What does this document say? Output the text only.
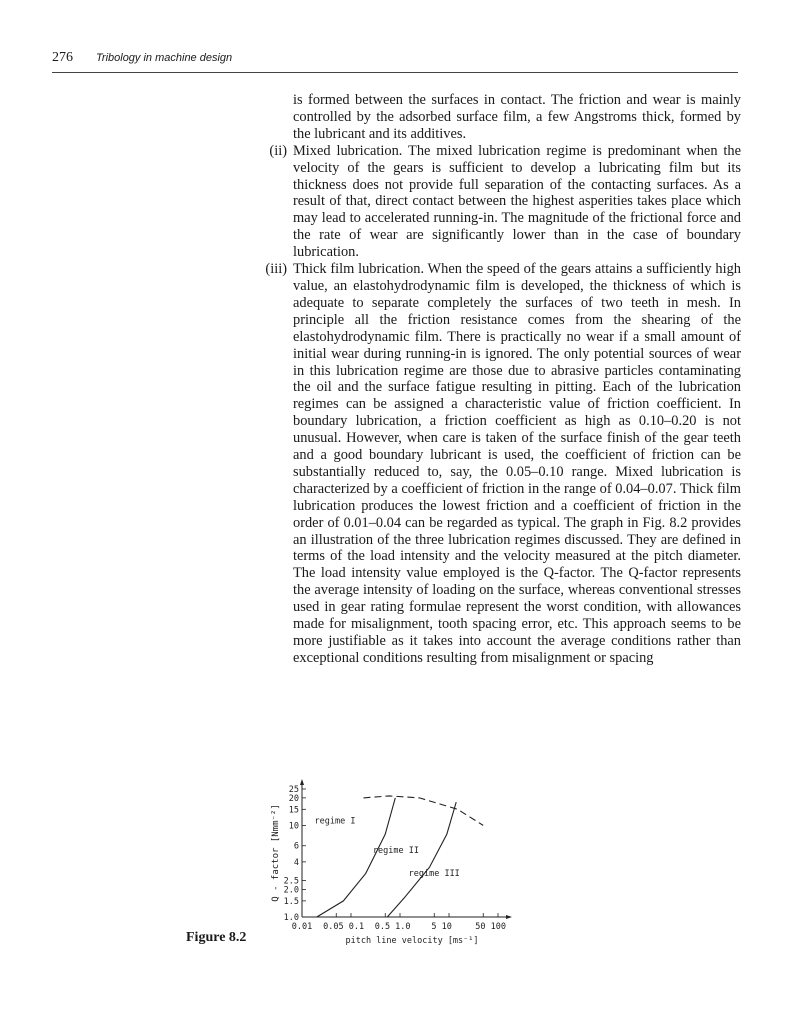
276 Tribology in machine design

is formed between the surfaces in contact. The friction and wear is mainly controlled by the adsorbed surface film, a few Angstroms thick, formed by the lubricant and its additives.

(ii) Mixed lubrication. The mixed lubrication regime is predominant when the velocity of the gears is sufficient to develop a lubricating film but its thickness does not provide full separation of the contacting surfaces. As a result of that, direct contact between the highest asperities takes place which may lead to accelerated running-in. The magnitude of the frictional force and the rate of wear are significantly lower than in the case of boundary lubrication.
(iii) Thick film lubrication. When the speed of the gears attains a sufficiently high value, an elastohydrodynamic film is developed, the thickness of which is adequate to separate completely the surfaces of two teeth in mesh. In principle all the friction resistance comes from the shearing of the elastohydrodynamic film. There is practically no wear if a small amount of initial wear during running-in is ignored. The only potential sources of wear in this lubrication regime are those due to abrasive particles contaminating the oil and the surface fatigue resulting in pitting. Each of the lubrication regimes can be assigned a characteristic value of friction coefficient. In boundary lubrication, a friction coefficient as high as 0.10–0.20 is not unusual. However, when care is taken of the surface finish of the gear teeth and a good boundary lubricant is used, the coefficient of friction can be substantially reduced to, say, the 0.05–0.10 range. Mixed lubrication is characterized by a coefficient of friction in the range of 0.04–0.07. Thick film lubrication produces the lowest friction and a coefficient of friction in the order of 0.01–0.04 can be regarded as typical. The graph in Fig. 8.2 provides an illustration of the three lubrication regimes discussed. They are defined in terms of the load intensity and the velocity measured at the pitch diameter. The load intensity value employed is the Q-factor. The Q-factor represents the average intensity of loading on the surface, whereas conventional stresses used in gear rating formulae represent the worst condition, with allowances made for misalignment, tooth spacing error, etc. This approach seems to be more justifiable as it takes into account the average conditions rather than exceptional conditions resulting from misalignment or spacing
25
20
15
10
6
4
2.5
2.0
1.5
1.0
0.01 0.05 0.1 0.5 1.0 5 10	50 100
pitch line velocity [ms⁻¹]
Q - factor [Nmm⁻²]	regime I
regime II
regime III
Figure 8.2
